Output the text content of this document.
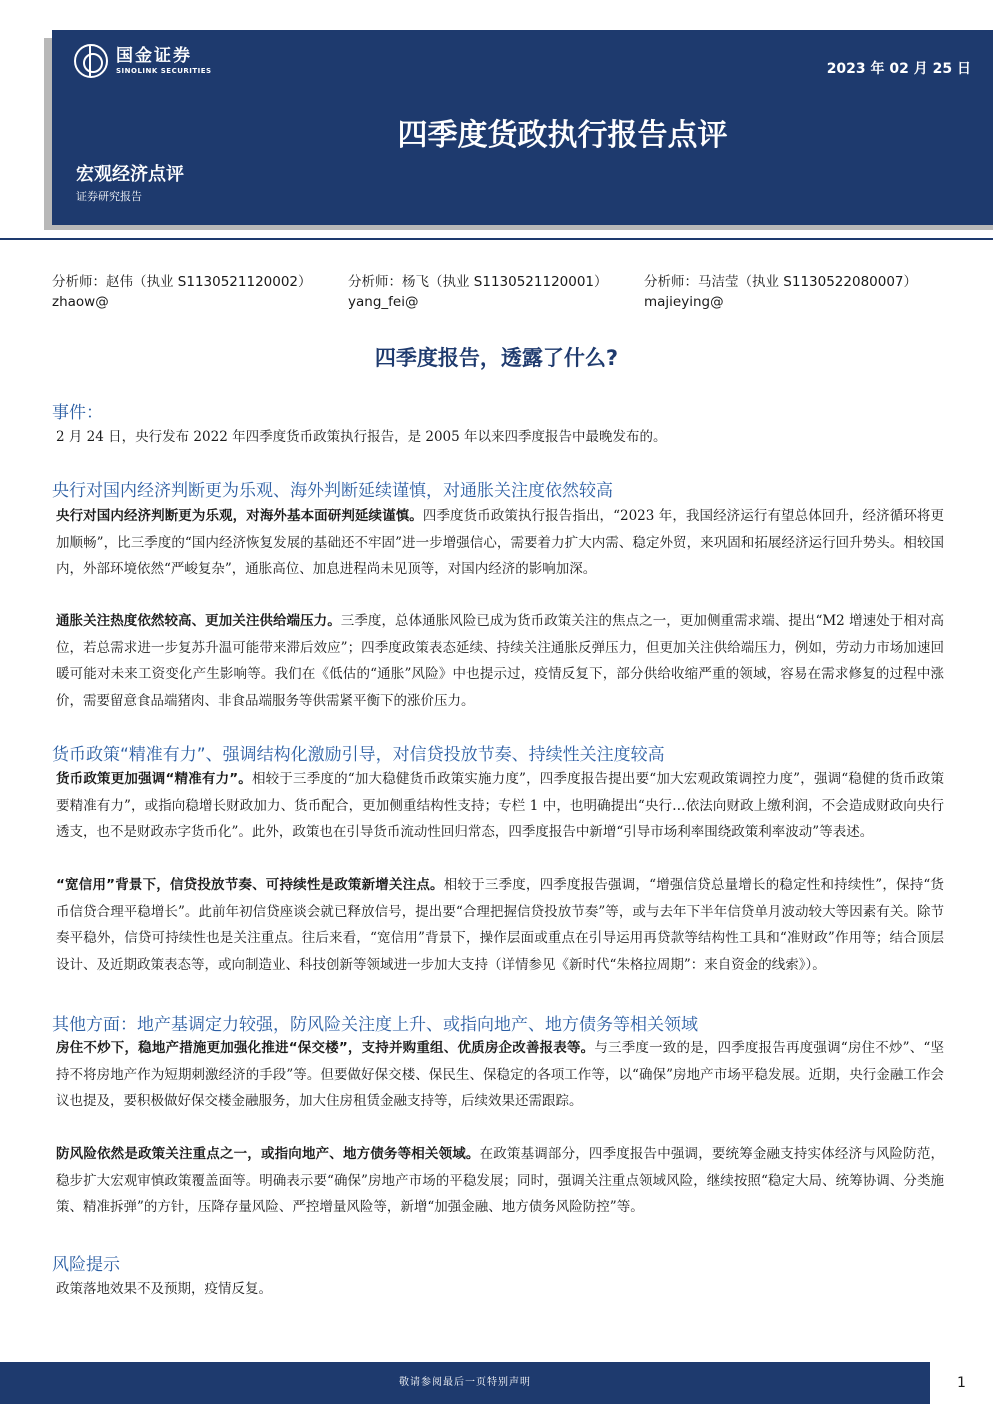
国金证券
SINOLINK SECURITIES	2023 年 02 月 25 日
四季度货政执行报告点评
宏观经济点评
证券研究报告
分析师：赵伟（执业 S1130521120002）
zhaow@
分析师：杨飞（执业 S1130521120001）
yang_fei@
分析师：马洁莹（执业 S1130522080007）
majieying@
四季度报告，透露了什么?
事件：
2 月 24 日，央行发布 2022 年四季度货币政策执行报告，是 2005 年以来四季度报告中最晚发布的。
央行对国内经济判断更为乐观、海外判断延续谨慎，对通胀关注度依然较高
央行对国内经济判断更为乐观，对海外基本面研判延续谨慎。四季度货币政策执行报告指出，“2023 年，我国经济运行有望总体回升，经济循环将更加顺畅”，比三季度的“国内经济恢复发展的基础还不牢固”进一步增强信心，需要着力扩大内需、稳定外贸，来巩固和拓展经济运行回升势头。相较国内，外部环境依然“严峻复杂”，通胀高位、加息进程尚未见顶等，对国内经济的影响加深。
通胀关注热度依然较高、更加关注供给端压力。三季度，总体通胀风险已成为货币政策关注的焦点之一，更加侧重需求端、提出“M2 增速处于相对高位，若总需求进一步复苏升温可能带来滞后效应”；四季度政策表态延续、持续关注通胀反弹压力，但更加关注供给端压力，例如，劳动力市场加速回暖可能对未来工资变化产生影响等。我们在《低估的“通胀”风险》中也提示过，疫情反复下，部分供给收缩严重的领域，容易在需求修复的过程中涨价，需要留意食品端猪肉、非食品端服务等供需紧平衡下的涨价压力。
货币政策“精准有力”、强调结构化激励引导，对信贷投放节奏、持续性关注度较高
货币政策更加强调“精准有力”。相较于三季度的“加大稳健货币政策实施力度”，四季度报告提出要“加大宏观政策调控力度”，强调“稳健的货币政策要精准有力”，或指向稳增长财政加力、货币配合，更加侧重结构性支持；专栏 1 中，也明确提出“央行…依法向财政上缴利润，不会造成财政向央行透支，也不是财政赤字货币化”。此外，政策也在引导货币流动性回归常态，四季度报告中新增“引导市场利率围绕政策利率波动”等表述。
“宽信用”背景下，信贷投放节奏、可持续性是政策新增关注点。相较于三季度，四季度报告强调，“增强信贷总量增长的稳定性和持续性”，保持“货币信贷合理平稳增长”。此前年初信贷座谈会就已释放信号，提出要“合理把握信贷投放节奏”等，或与去年下半年信贷单月波动较大等因素有关。除节奏平稳外，信贷可持续性也是关注重点。往后来看，“宽信用”背景下，操作层面或重点在引导运用再贷款等结构性工具和“准财政”作用等；结合顶层设计、及近期政策表态等，或向制造业、科技创新等领域进一步加大支持（详情参见《新时代“朱格拉周期”：来自资金的线索》）。
其他方面：地产基调定力较强，防风险关注度上升、或指向地产、地方债务等相关领域
房住不炒下，稳地产措施更加强化推进“保交楼”，支持并购重组、优质房企改善报表等。与三季度一致的是，四季度报告再度强调“房住不炒”、“坚持不将房地产作为短期刺激经济的手段”等。但要做好保交楼、保民生、保稳定的各项工作等，以“确保”房地产市场平稳发展。近期，央行金融工作会议也提及，要积极做好保交楼金融服务，加大住房租赁金融支持等，后续效果还需跟踪。
防风险依然是政策关注重点之一，或指向地产、地方债务等相关领域。在政策基调部分，四季度报告中强调，要统筹金融支持实体经济与风险防范，稳步扩大宏观审慎政策覆盖面等。明确表示要“确保”房地产市场的平稳发展；同时，强调关注重点领域风险，继续按照“稳定大局、统筹协调、分类施策、精准拆弹”的方针，压降存量风险、严控增量风险等，新增“加强金融、地方债务风险防控”等。
风险提示
政策落地效果不及预期，疫情反复。
敬请参阅最后一页特别声明	1
